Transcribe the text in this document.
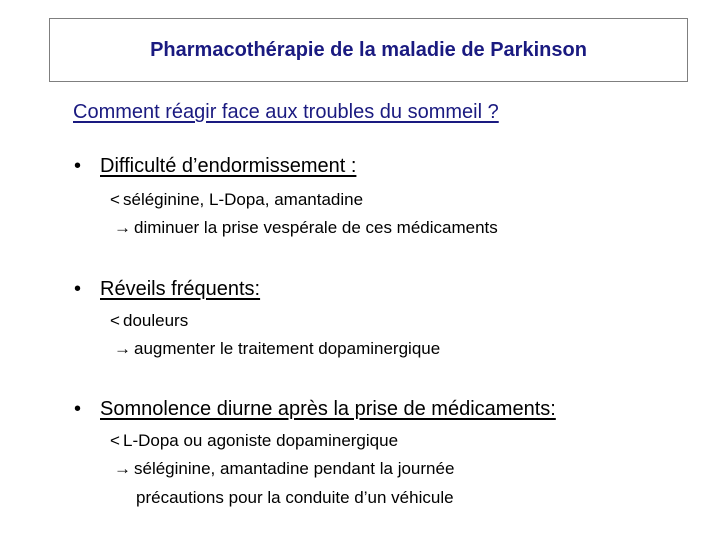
Pharmacothérapie de la maladie de Parkinson
Comment réagir face aux troubles du sommeil ?
• Difficulté d’endormissement :
< séléginine, L-Dopa, amantadine
→ diminuer la prise vespérale de ces médicaments
• Réveils fréquents:
< douleurs
→ augmenter le traitement dopaminergique
• Somnolence diurne après la prise de médicaments:
< L-Dopa ou agoniste dopaminergique
→ séléginine, amantadine pendant la journée
précautions pour la conduite d’un véhicule
